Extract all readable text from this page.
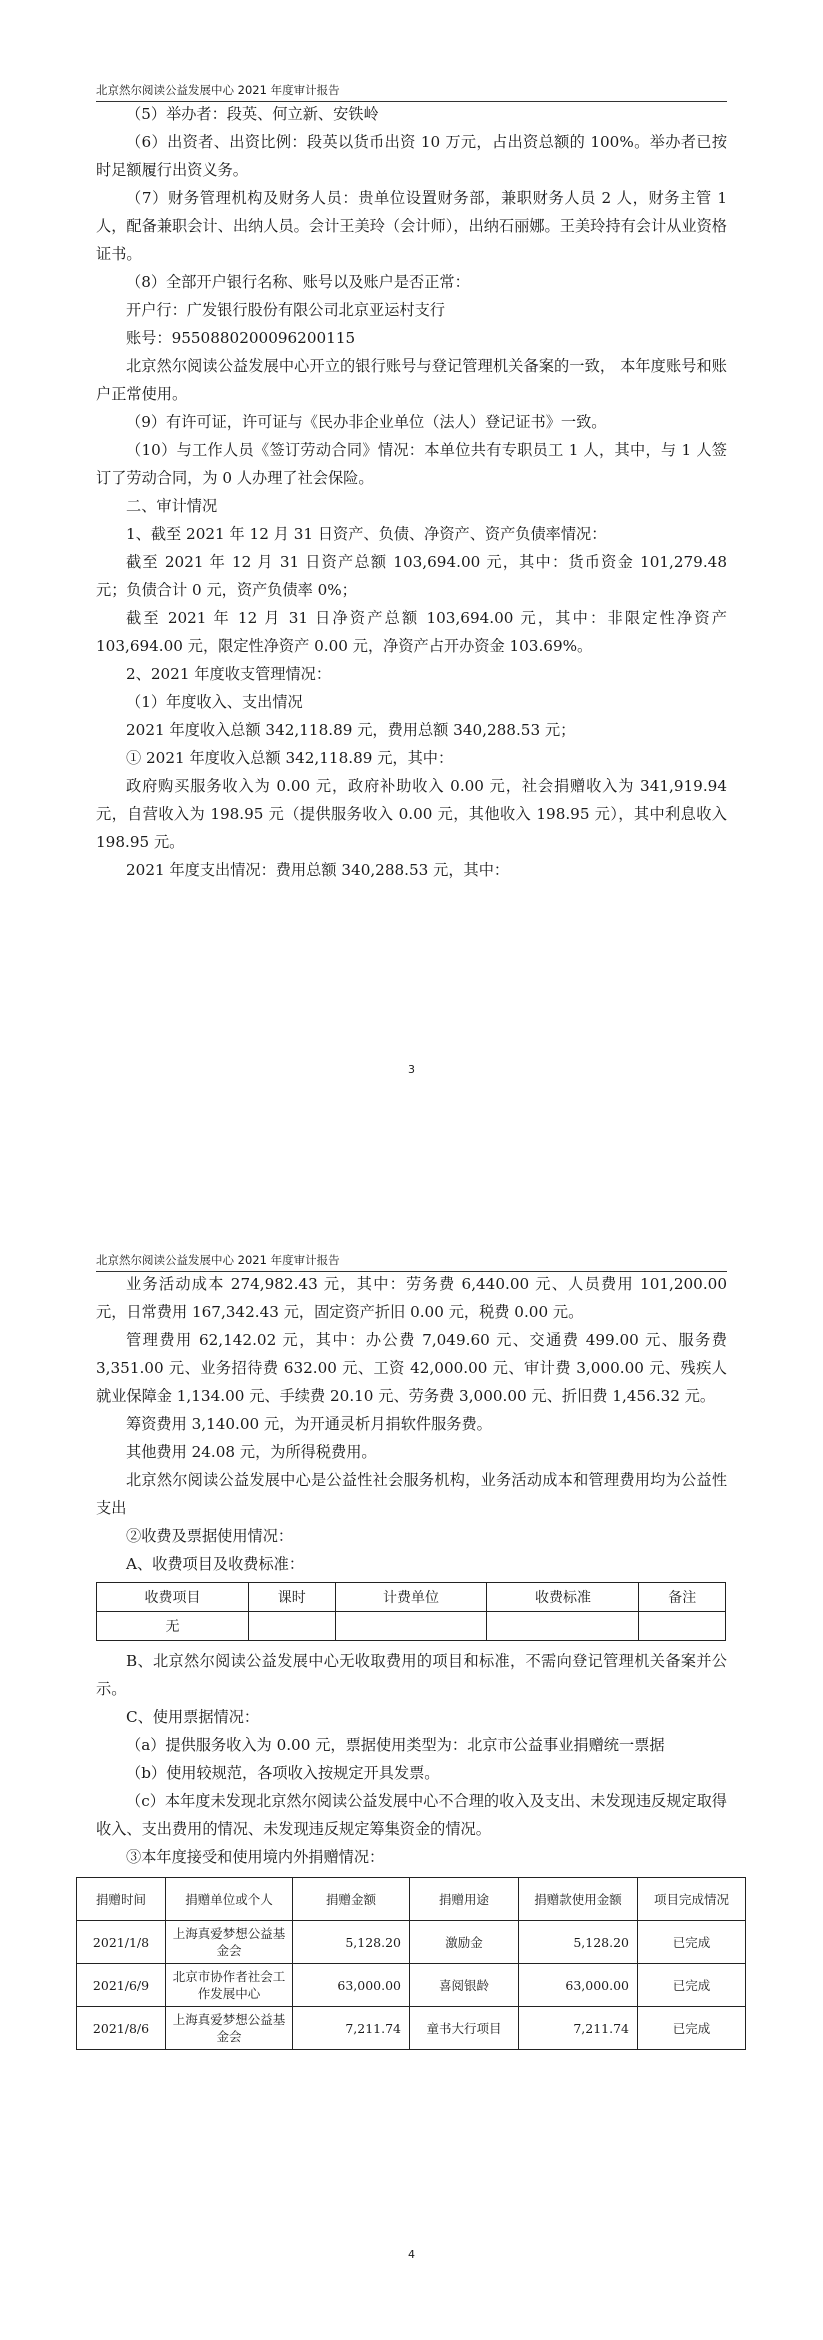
北京然尔阅读公益发展中心 2021 年度审计报告

（5）举办者：段英、何立新、安铁岭

（6）出资者、出资比例：段英以货币出资 10 万元，占出资总额的 100%。举办者已按时足额履行出资义务。

（7）财务管理机构及财务人员：贵单位设置财务部，兼职财务人员 2 人，财务主管 1 人，配备兼职会计、出纳人员。会计王美玲（会计师），出纳石丽娜。王美玲持有会计从业资格证书。

（8）全部开户银行名称、账号以及账户是否正常：

开户行：广发银行股份有限公司北京亚运村支行

账号：9550880200096200115

北京然尔阅读公益发展中心开立的银行账号与登记管理机关备案的一致， 本年度账号和账户正常使用。

（9）有许可证，许可证与《民办非企业单位（法人）登记证书》一致。

（10）与工作人员《签订劳动合同》情况：本单位共有专职员工 1 人，其中，与 1 人签订了劳动合同，为 0 人办理了社会保险。

二、审计情况

1、截至 2021 年 12 月 31 日资产、负债、净资产、资产负债率情况：

截至 2021 年 12 月 31 日资产总额 103,694.00 元，其中：货币资金 101,279.48 元；负债合计 0 元，资产负债率 0%；

截至 2021 年 12 月 31 日净资产总额 103,694.00 元，其中：非限定性净资产 103,694.00 元，限定性净资产 0.00 元，净资产占开办资金 103.69%。

2、2021 年度收支管理情况：

（1）年度收入、支出情况

2021 年度收入总额 342,118.89 元，费用总额 340,288.53 元；

① 2021 年度收入总额 342,118.89 元，其中：

政府购买服务收入为 0.00 元，政府补助收入 0.00 元，社会捐赠收入为 341,919.94 元，自营收入为 198.95 元（提供服务收入 0.00 元，其他收入 198.95 元），其中利息收入 198.95 元。

2021 年度支出情况：费用总额 340,288.53 元，其中：

3
北京然尔阅读公益发展中心 2021 年度审计报告

业务活动成本 274,982.43 元，其中：劳务费 6,440.00 元、人员费用 101,200.00 元，日常费用 167,342.43 元，固定资产折旧 0.00 元，税费 0.00 元。

管理费用 62,142.02 元，其中：办公费 7,049.60 元、交通费 499.00 元、服务费 3,351.00 元、业务招待费 632.00 元、工资 42,000.00 元、审计费 3,000.00 元、残疾人就业保障金 1,134.00 元、手续费 20.10 元、劳务费 3,000.00 元、折旧费 1,456.32 元。

筹资费用 3,140.00 元，为开通灵析月捐软件服务费。

其他费用 24.08 元，为所得税费用。

北京然尔阅读公益发展中心是公益性社会服务机构，业务活动成本和管理费用均为公益性支出

②收费及票据使用情况：

A、收费项目及收费标准：

收费项目	课时	计费单位	收费标准	备注
无				

B、北京然尔阅读公益发展中心无收取费用的项目和标准，不需向登记管理机关备案并公示。

C、使用票据情况：

（a）提供服务收入为 0.00 元，票据使用类型为：北京市公益事业捐赠统一票据

（b）使用较规范，各项收入按规定开具发票。

（c）本年度未发现北京然尔阅读公益发展中心不合理的收入及支出、未发现违反规定取得收入、支出费用的情况、未发现违反规定筹集资金的情况。

③本年度接受和使用境内外捐赠情况：

捐赠时间	捐赠单位或个人	捐赠金额	捐赠用途	捐赠款使用金额	项目完成情况
2021/1/8	上海真爱梦想公益基金会	5,128.20	激励金	5,128.20	已完成
2021/6/9	北京市协作者社会工作发展中心	63,000.00	喜阅银龄	63,000.00	已完成
2021/8/6	上海真爱梦想公益基金会	7,211.74	童书大行项目	7,211.74	已完成
4
